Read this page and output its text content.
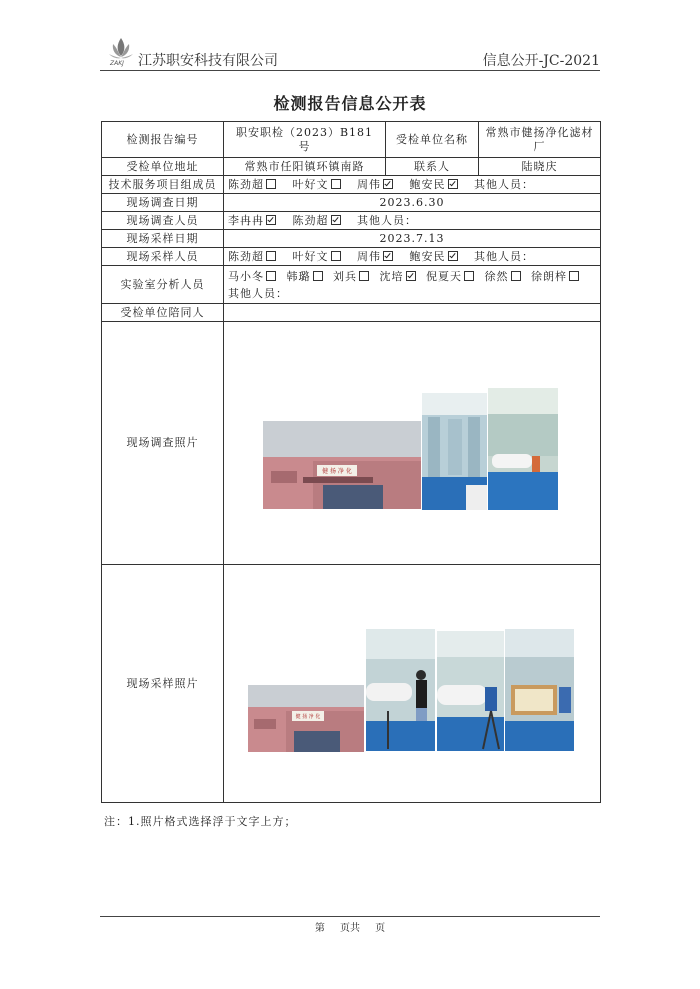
ZAKJ 江苏职安科技有限公司	信息公开-JC-2021
检测报告信息公开表
检测报告编号	职安职检（2023）B181 号	受检单位名称	常熟市健扬净化滤材厂
受检单位地址	常熟市任阳镇环镇南路	联系人	陆晓庆
技术服务项目组成员	陈劲超 叶好文 周伟 鲍安民 其他人员：		
现场调查日期	2023.6.30		
现场调查人员	李冉冉 陈劲超 其他人员：		
现场采样日期	2023.7.13		
现场采样人员	陈劲超 叶好文 周伟 鲍安民 其他人员：		
实验室分析人员	马小冬 韩璐 刘兵 沈培 倪夏天 徐然 徐朗梓
其他人员：		
受检单位陪同人			
现场调查照片			
现场采样照片			
健 扬 净 化
健 扬 净 化
注：1.照片格式选择浮于文字上方；
第 页共 页
